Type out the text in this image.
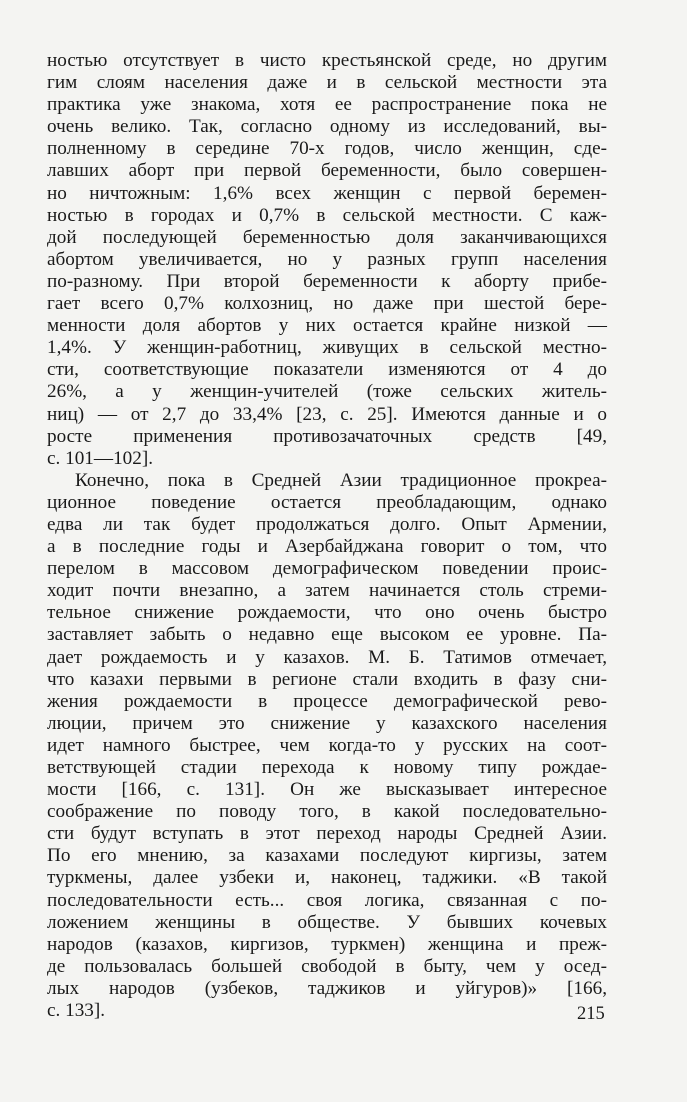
ностью отсутствует в чисто крестьянской среде, но другим
гим слоям населения даже и в сельской местности эта
практика уже знакома, хотя ее распространение пока не
очень велико. Так, согласно одному из исследований, вы-
полненному в середине 70-х годов, число женщин, сде-
лавших аборт при первой беременности, было совершен-
но ничтожным: 1,6% всех женщин с первой беремен-
ностью в городах и 0,7% в сельской местности. С каж-
дой последующей беременностью доля заканчивающихся
абортом увеличивается, но у разных групп населения
по-разному. При второй беременности к аборту прибе-
гает всего 0,7% колхозниц, но даже при шестой бере-
менности доля абортов у них остается крайне низкой —
1,4%. У женщин-работниц, живущих в сельской местно-
сти, соответствующие показатели изменяются от 4 до
26%, а у женщин-учителей (тоже сельских житель-
ниц) — от 2,7 до 33,4% [23, с. 25]. Имеются данные и о
росте применения противозачаточных средств [49,
с. 101—102].
Конечно, пока в Средней Азии традиционное прокреа-
ционное поведение остается преобладающим, однако
едва ли так будет продолжаться долго. Опыт Армении,
а в последние годы и Азербайджана говорит о том, что
перелом в массовом демографическом поведении проис-
ходит почти внезапно, а затем начинается столь стреми-
тельное снижение рождаемости, что оно очень быстро
заставляет забыть о недавно еще высоком ее уровне. Па-
дает рождаемость и у казахов. М. Б. Татимов отмечает,
что казахи первыми в регионе стали входить в фазу сни-
жения рождаемости в процессе демографической рево-
люции, причем это снижение у казахского населения
идет намного быстрее, чем когда-то у русских на соот-
ветствующей стадии перехода к новому типу рождае-
мости [166, с. 131]. Он же высказывает интересное
соображение по поводу того, в какой последовательно-
сти будут вступать в этот переход народы Средней Азии.
По его мнению, за казахами последуют киргизы, затем
туркмены, далее узбеки и, наконец, таджики. «В такой
последовательности есть... своя логика, связанная с по-
ложением женщины в обществе. У бывших кочевых
народов (казахов, киргизов, туркмен) женщина и преж-
де пользовалась большей свободой в быту, чем у осед-
лых народов (узбеков, таджиков и уйгуров)» [166,
с. 133].	215
